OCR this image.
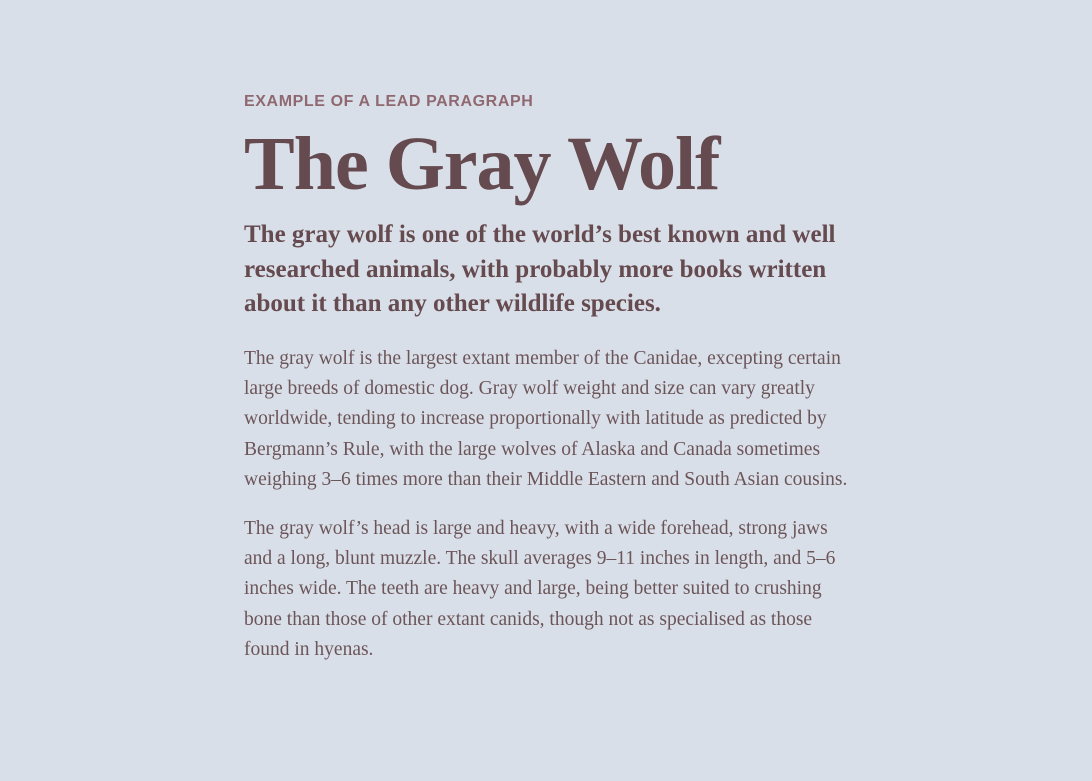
EXAMPLE OF A LEAD PARAGRAPH

The Gray Wolf

The gray wolf is one of the world’s best known and well researched animals, with probably more books written about it than any other wildlife species.

The gray wolf is the largest extant member of the Canidae, excepting certain large breeds of domestic dog. Gray wolf weight and size can vary greatly worldwide, tending to increase proportionally with latitude as predicted by Bergmann’s Rule, with the large wolves of Alaska and Canada sometimes weighing 3–6 times more than their Middle Eastern and South Asian cousins.

The gray wolf’s head is large and heavy, with a wide forehead, strong jaws and a long, blunt muzzle. The skull averages 9–11 inches in length, and 5–6 inches wide. The teeth are heavy and large, being better suited to crushing bone than those of other extant canids, though not as specialised as those found in hyenas.
